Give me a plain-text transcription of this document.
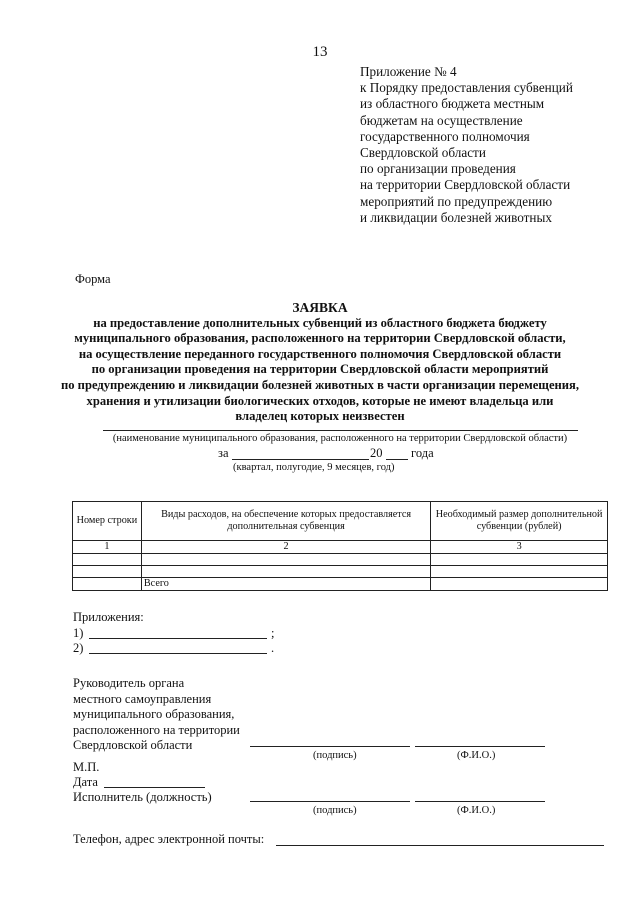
13
Приложение № 4
к Порядку предоставления субвенций
из областного бюджета местным
бюджетам на осуществление
государственного полномочия
Свердловской области
по организации проведения
на территории Свердловской области
мероприятий по предупреждению
и ликвидации болезней животных
Форма
ЗАЯВКА
на предоставление дополнительных субвенций из областного бюджета бюджету
муниципального образования, расположенного на территории Свердловской области,
на осуществление переданного государственного полномочия Свердловской области
по организации проведения на территории Свердловской области мероприятий
по предупреждению и ликвидации болезней животных в части организации перемещения,
хранения и утилизации биологических отходов, которые не имеют владельца или
владелец которых неизвестен
(наименование муниципального образования, расположенного на территории Свердловской области)
за	20 года
(квартал, полугодие, 9 месяцев, год)
Номер строки	Виды расходов, на обеспечение которых предоставляется дополнительная субвенция	Необходимый размер дополнительной субвенции (рублей)
1	2	3

	Всего	
Приложения:
1)	;
2)	.
Руководитель органа
местного самоуправления
муниципального образования,
расположенного на территории
Свердловской области
(подпись)	(Ф.И.О.)
М.П.
Дата
Исполнитель (должность)
(подпись)	(Ф.И.О.)
Телефон, адрес электронной почты:
